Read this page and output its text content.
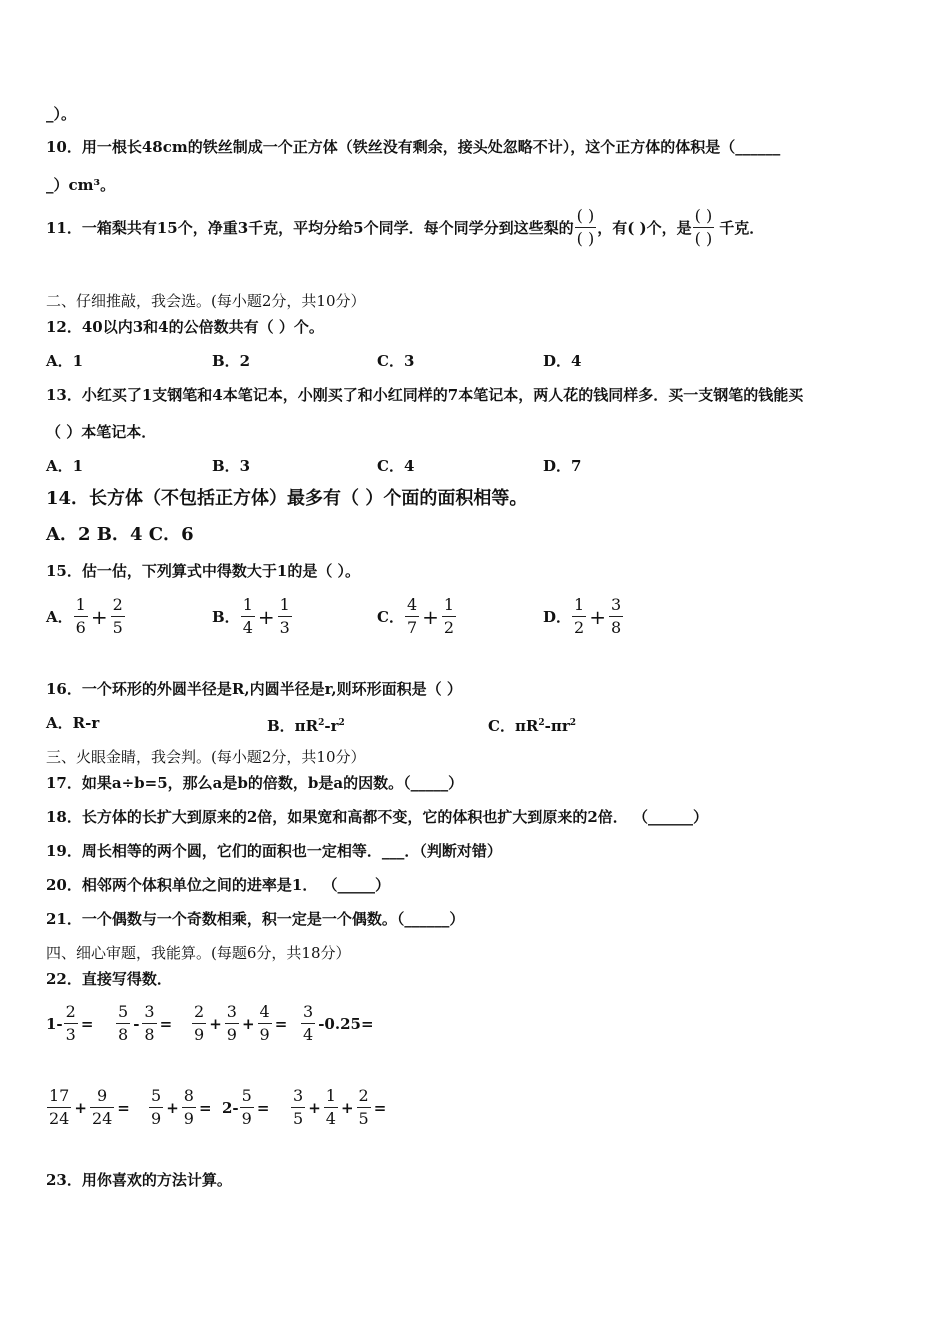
_）。
10．用一根长48cm的铁丝制成一个正方体（铁丝没有剩余，接头处忽略不计），这个正方体的体积是（______
_）cm³。
11．一箱梨共有15个，净重3千克，平均分给5个同学．每个同学分到这些梨的 $\frac{( )}{( )}$ ，有( )个，是 $\frac{( )}{( )}$ 千克．
二、仔细推敲，我会选。(每小题2分，共10分）
12．40以内3和4的公倍数共有（ ）个。
A．1	B．2	C．3	D．4
13．小红买了1支钢笔和4本笔记本，小刚买了和小红同样的7本笔记本，两人花的钱同样多．买一支钢笔的钱能买
（ ）本笔记本．
A．1	B．3	C．4	D．7
14．长方体（不包括正方体）最多有（ ）个面的面积相等。
A．2 B．4 C．6
15．估一估，下列算式中得数大于1的是（ ）。
A． $\frac{1}{6} + \frac{2}{5}$	B． $\frac{1}{4} + \frac{1}{3}$	C． $\frac{4}{7} + \frac{1}{2}$	D． $\frac{1}{2} + \frac{3}{8}$
16．一个环形的外圆半径是R,内圆半径是r,则环形面积是（ ）
A．R-r	B．$\pi R^2-r^2$	C．$\pi R^2-\pi r^2$
三、火眼金睛，我会判。(每小题2分，共10分）
17．如果a÷b=5，那么a是b的倍数，b是a的因数。（_____）
18．长方体的长扩大到原来的2倍，如果宽和高都不变，它的体积也扩大到原来的2倍． （______）
19．周长相等的两个圆，它们的面积也一定相等．___．（判断对错）
20．相邻两个体积单位之间的进率是1． （_____）
21．一个偶数与一个奇数相乘，积一定是一个偶数。（______）
四、细心审题，我能算。(每题6分，共18分）
22．直接写得数．
$1- \frac{2}{3} = \frac{5}{8} - \frac{3}{8} = \frac{2}{9} + \frac{3}{9} + \frac{4}{9} = \frac{3}{4} -0.25=$
$\frac{17}{24} + \frac{9}{24} = \frac{5}{9} + \frac{8}{9} = 2- \frac{5}{9} = \frac{3}{5} + \frac{1}{4} + \frac{2}{5}$ =
23．用你喜欢的方法计算。
